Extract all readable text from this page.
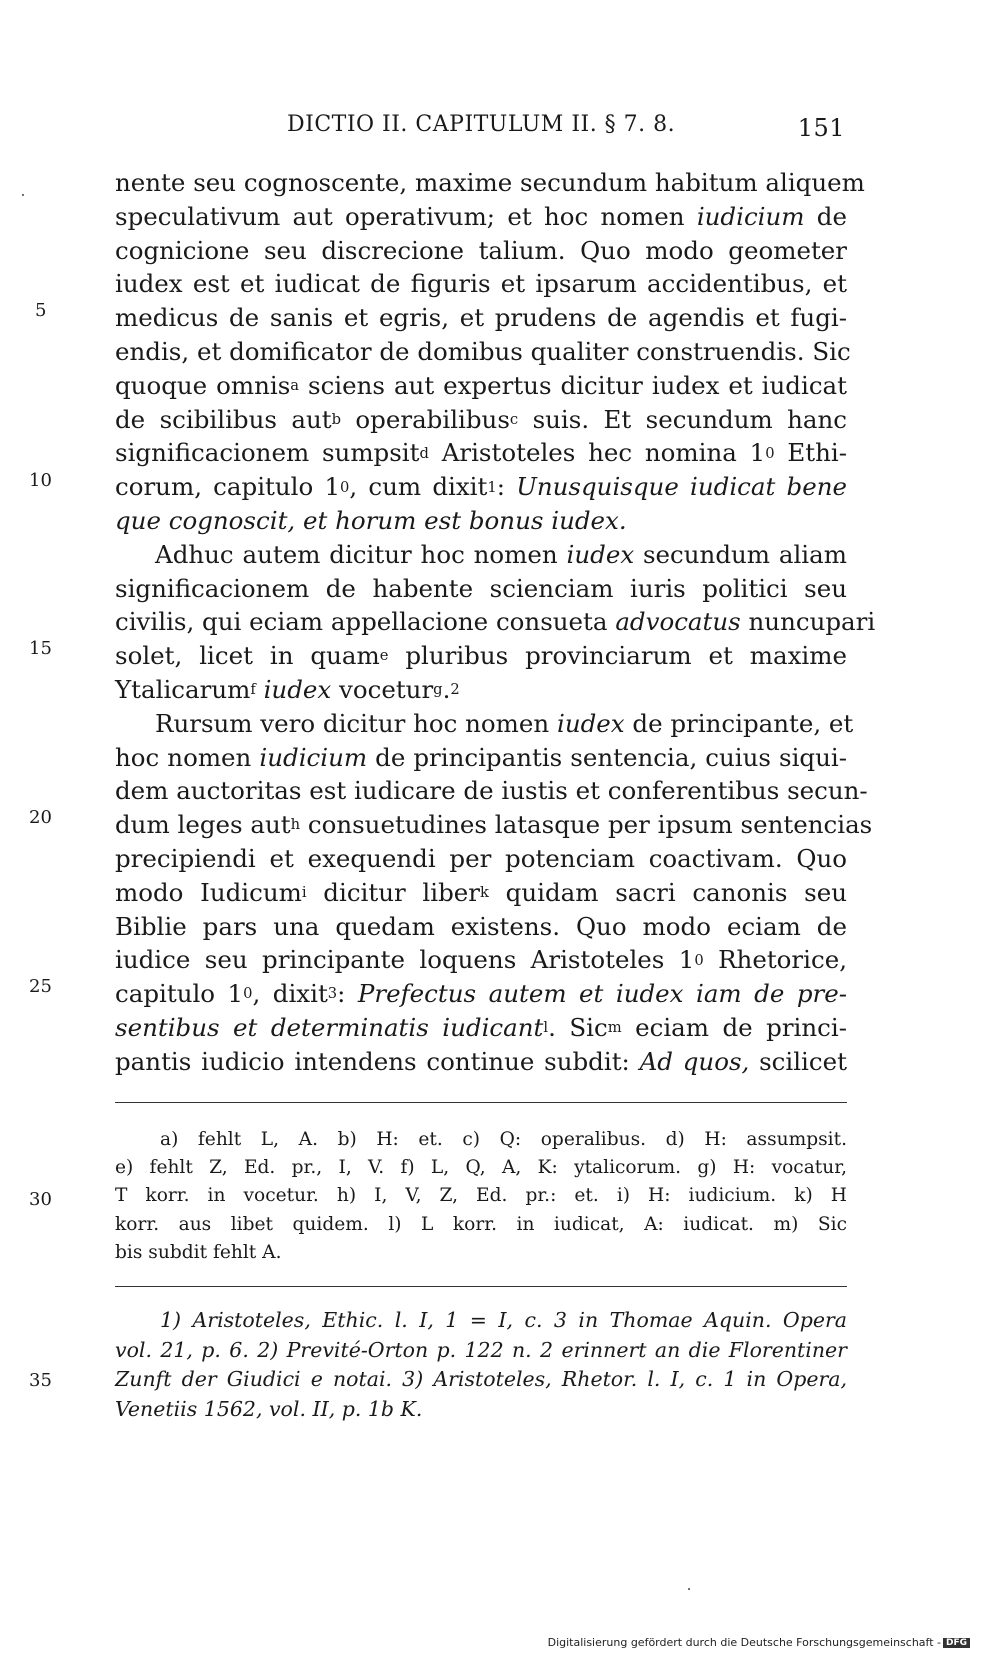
DICTIO II. CAPITULUM II. § 7. 8.	151
5
10
15
20
25
nente seu cognoscente, maxime secundum habitum aliquem
speculativum aut operativum; et hoc nomen iudicium de
cognicione seu discrecione talium. Quo modo geometer
iudex est et iudicat de figuris et ipsarum accidentibus, et
medicus de sanis et egris, et prudens de agendis et fugi-
endis, et domificator de domibus qualiter construendis. Sic
quoque omnis$^a$ sciens aut expertus dicitur iudex et iudicat
de scibilibus aut$^b$ operabilibus$^c$ suis. Et secundum hanc
significacionem sumpsit$^d$ Aristoteles hec nomina $1^0$ Ethi-
corum, capitulo $1^0$, cum dixit$^1$: Unusquisque iudicat bene
que cognoscit, et horum est bonus iudex.
Adhuc autem dicitur hoc nomen iudex secundum aliam
significacionem de habente scienciam iuris politici seu
civilis, qui eciam appellacione consueta advocatus nuncupari
solet, licet in quam$^e$ pluribus provinciarum et maxime
Ytalicarum$^f$ iudex vocetur$^g$.$^2$
Rursum vero dicitur hoc nomen iudex de principante, et
hoc nomen iudicium de principantis sentencia, cuius siqui-
dem auctoritas est iudicare de iustis et conferentibus secun-
dum leges aut$^h$ consuetudines latasque per ipsum sentencias
precipiendi et exequendi per potenciam coactivam. Quo
modo Iudicum$^i$ dicitur liber$^k$ quidam sacri canonis seu
Biblie pars una quedam existens. Quo modo eciam de
iudice seu principante loquens Aristoteles $1^0$ Rhetorice,
capitulo $1^0$, dixit$^3$: Prefectus autem et iudex iam de pre-
sentibus et determinatis iudicant$^l$. Sic$^m$ eciam de princi-
pantis iudicio intendens continue subdit: Ad quos, scilicet
30
a) fehlt L, A. b) H: et. c) Q: operalibus. d) H: assumpsit.
e) fehlt Z, Ed. pr., I, V. f) L, Q, A, K: ytalicorum. g) H: vocatur,
T korr. in vocetur. h) I, V, Z, Ed. pr.: et. i) H: iudicium. k) H
korr. aus libet quidem. l) L korr. in iudicat, A: iudicat. m) Sic
bis subdit fehlt A.
35
1) Aristoteles, Ethic. l. I, 1 = I, c. 3 in Thomae Aquin. Opera
vol. 21, p. 6. 2) Previté-Orton p. 122 n. 2 erinnert an die Florentiner
Zunft der Giudici e notai. 3) Aristoteles, Rhetor. l. I, c. 1 in Opera,
Venetiis 1562, vol. II, p. 1b K.
Digitalisierung gefördert durch die Deutsche Forschungsgemeinschaft - DFG
